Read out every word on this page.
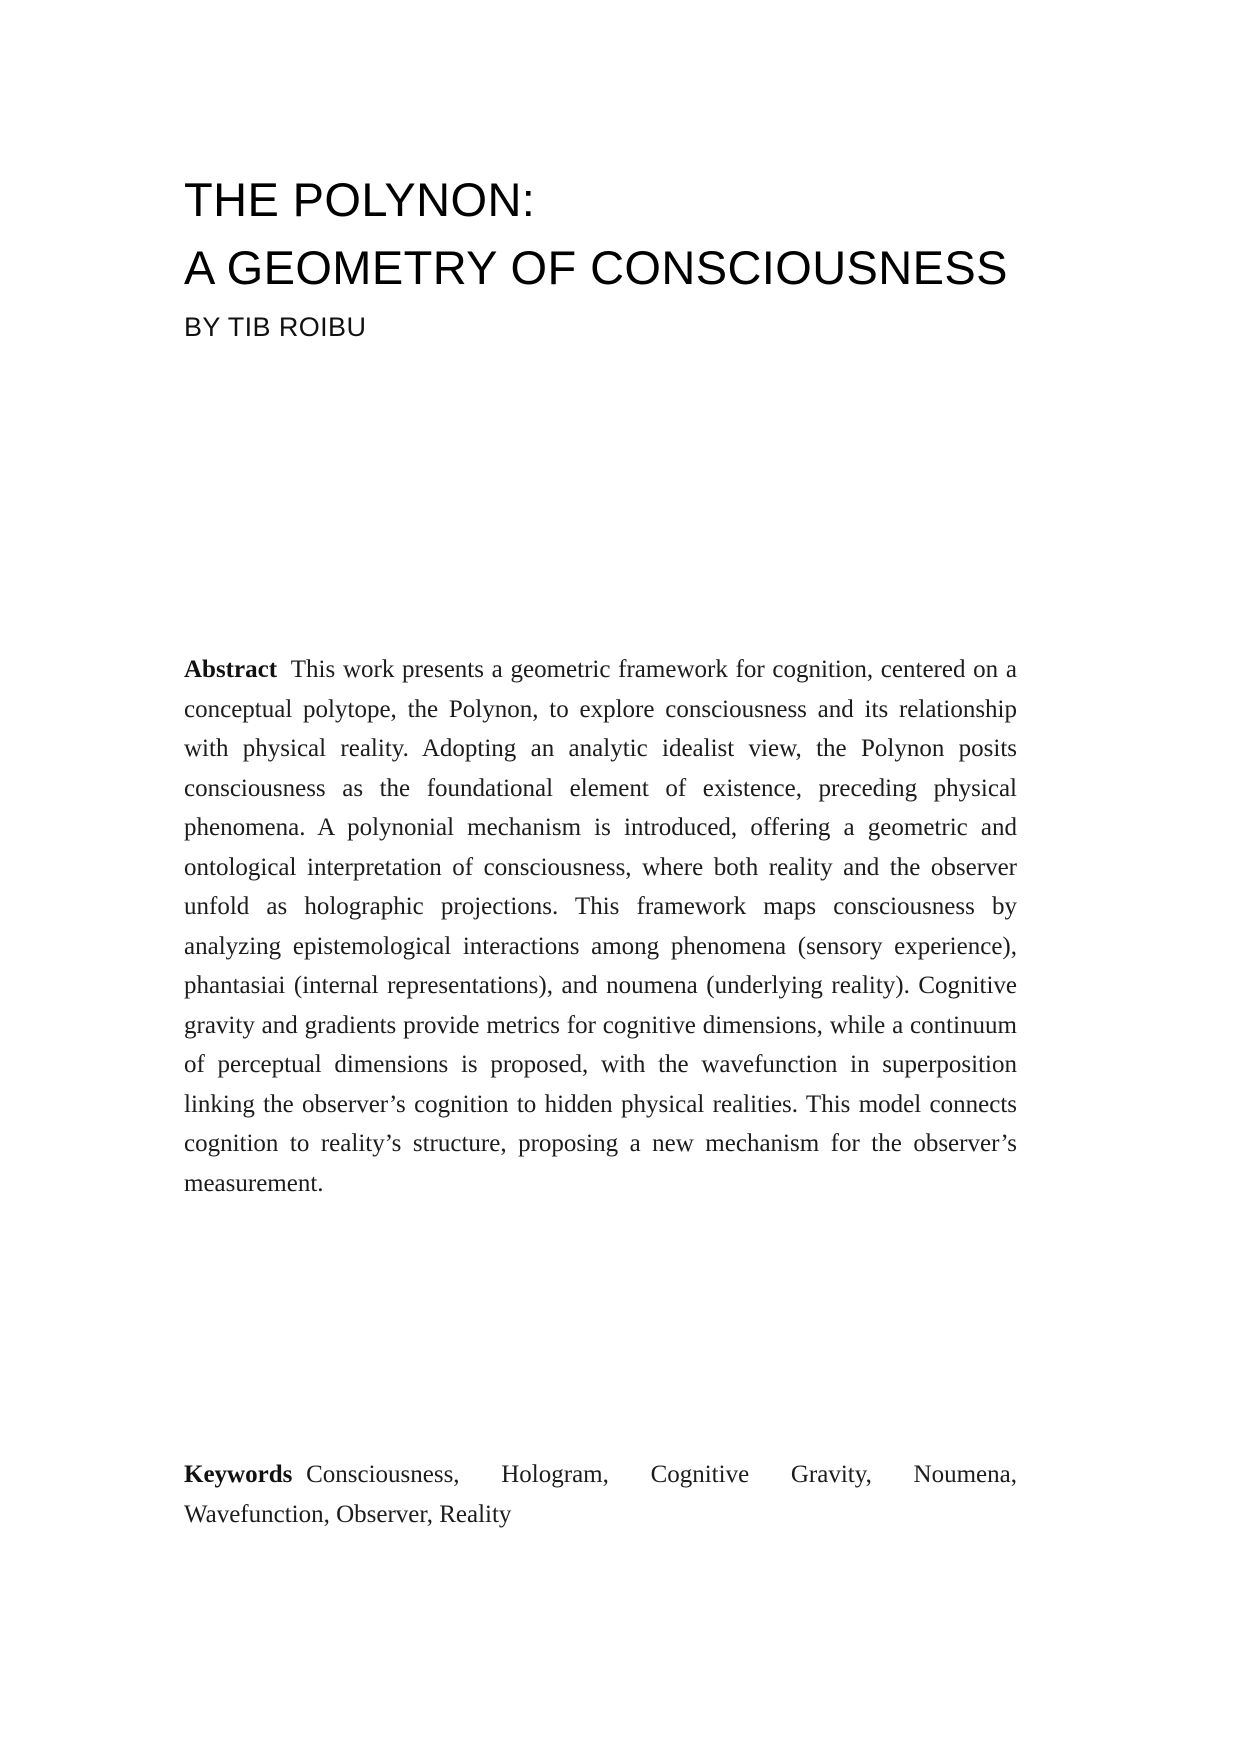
THE POLYNON:
A GEOMETRY OF CONSCIOUSNESS
BY TIB ROIBU

Abstract This work presents a geometric framework for cognition, centered on a conceptual polytope, the Polynon, to explore consciousness and its relationship with physical reality. Adopting an analytic idealist view, the Polynon posits consciousness as the foundational element of existence, preceding physical phenomena. A polynonial mechanism is introduced, offering a geometric and ontological interpretation of consciousness, where both reality and the observer unfold as holographic projections. This framework maps consciousness by analyzing epistemological interactions among phenomena (sensory experience), phantasiai (internal representations), and noumena (underlying reality). Cognitive gravity and gradients provide metrics for cognitive dimensions, while a continuum of perceptual dimensions is proposed, with the wavefunction in superposition linking the observer’s cognition to hidden physical realities. This model connects cognition to reality’s structure, proposing a new mechanism for the observer’s measurement.

Keywords Consciousness, Hologram, Cognitive Gravity, Noumena, Wavefunction, Observer, Reality
